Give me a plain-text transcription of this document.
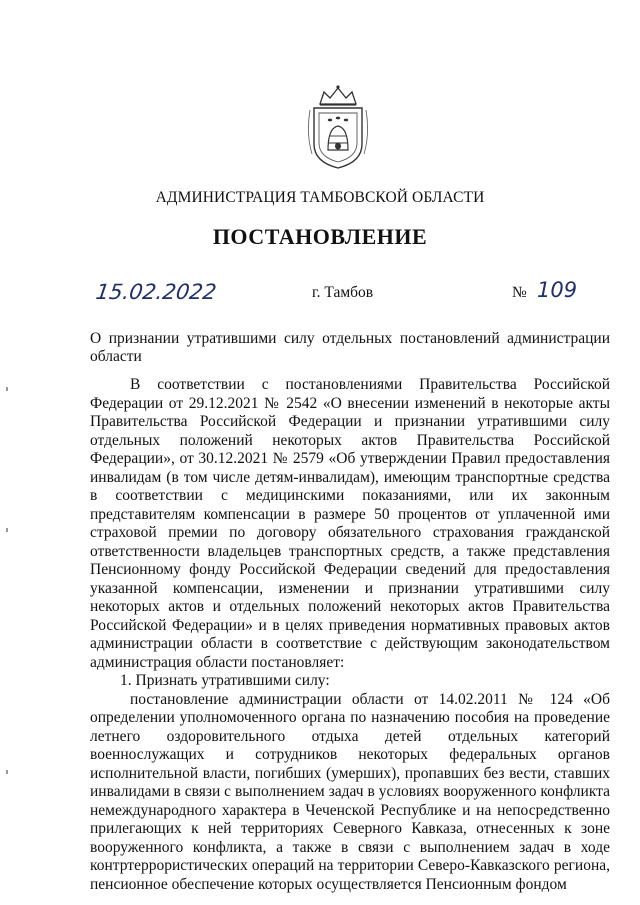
АДМИНИСТРАЦИЯ ТАМБОВСКОЙ ОБЛАСТИ
ПОСТАНОВЛЕНИЕ
15.02.2022	г. Тамбов	№ 109
О признании утратившими силу отдельных постановлений администрации области

В соответствии с постановлениями Правительства Российской Федерации от 29.12.2021 № 2542 «О внесении изменений в некоторые акты Правительства Российской Федерации и признании утратившими силу отдельных положений некоторых актов Правительства Российской Федерации», от 30.12.2021 № 2579 «Об утверждении Правил предоставления инвалидам (в том числе детям-инвалидам), имеющим транспортные средства в соответствии с медицинскими показаниями, или их законным представителям компенсации в размере 50 процентов от уплаченной ими страховой премии по договору обязательного страхования гражданской ответственности владельцев транспортных средств, а также представления Пенсионному фонду Российской Федерации сведений для предоставления указанной компенсации, изменении и признании утратившими силу некоторых актов и отдельных положений некоторых актов Правительства Российской Федерации» и в целях приведения нормативных правовых актов администрации области в соответствие с действующим законодательством администрация области постановляет:

1. Признать утратившими силу:

постановление администрации области от 14.02.2011 № 124 «Об определении уполномоченного органа по назначению пособия на проведение летнего оздоровительного отдыха детей отдельных категорий военнослужащих и сотрудников некоторых федеральных органов исполнительной власти, погибших (умерших), пропавших без вести, ставших инвалидами в связи с выполнением задач в условиях вооруженного конфликта немеждународного характера в Чеченской Республике и на непосредственно прилегающих к ней территориях Северного Кавказа, отнесенных к зоне вооруженного конфликта, а также в связи с выполнением задач в ходе контртеррористических операций на территории Северо-Кавказского региона, пенсионное обеспечение которых осуществляется Пенсионным фондом
